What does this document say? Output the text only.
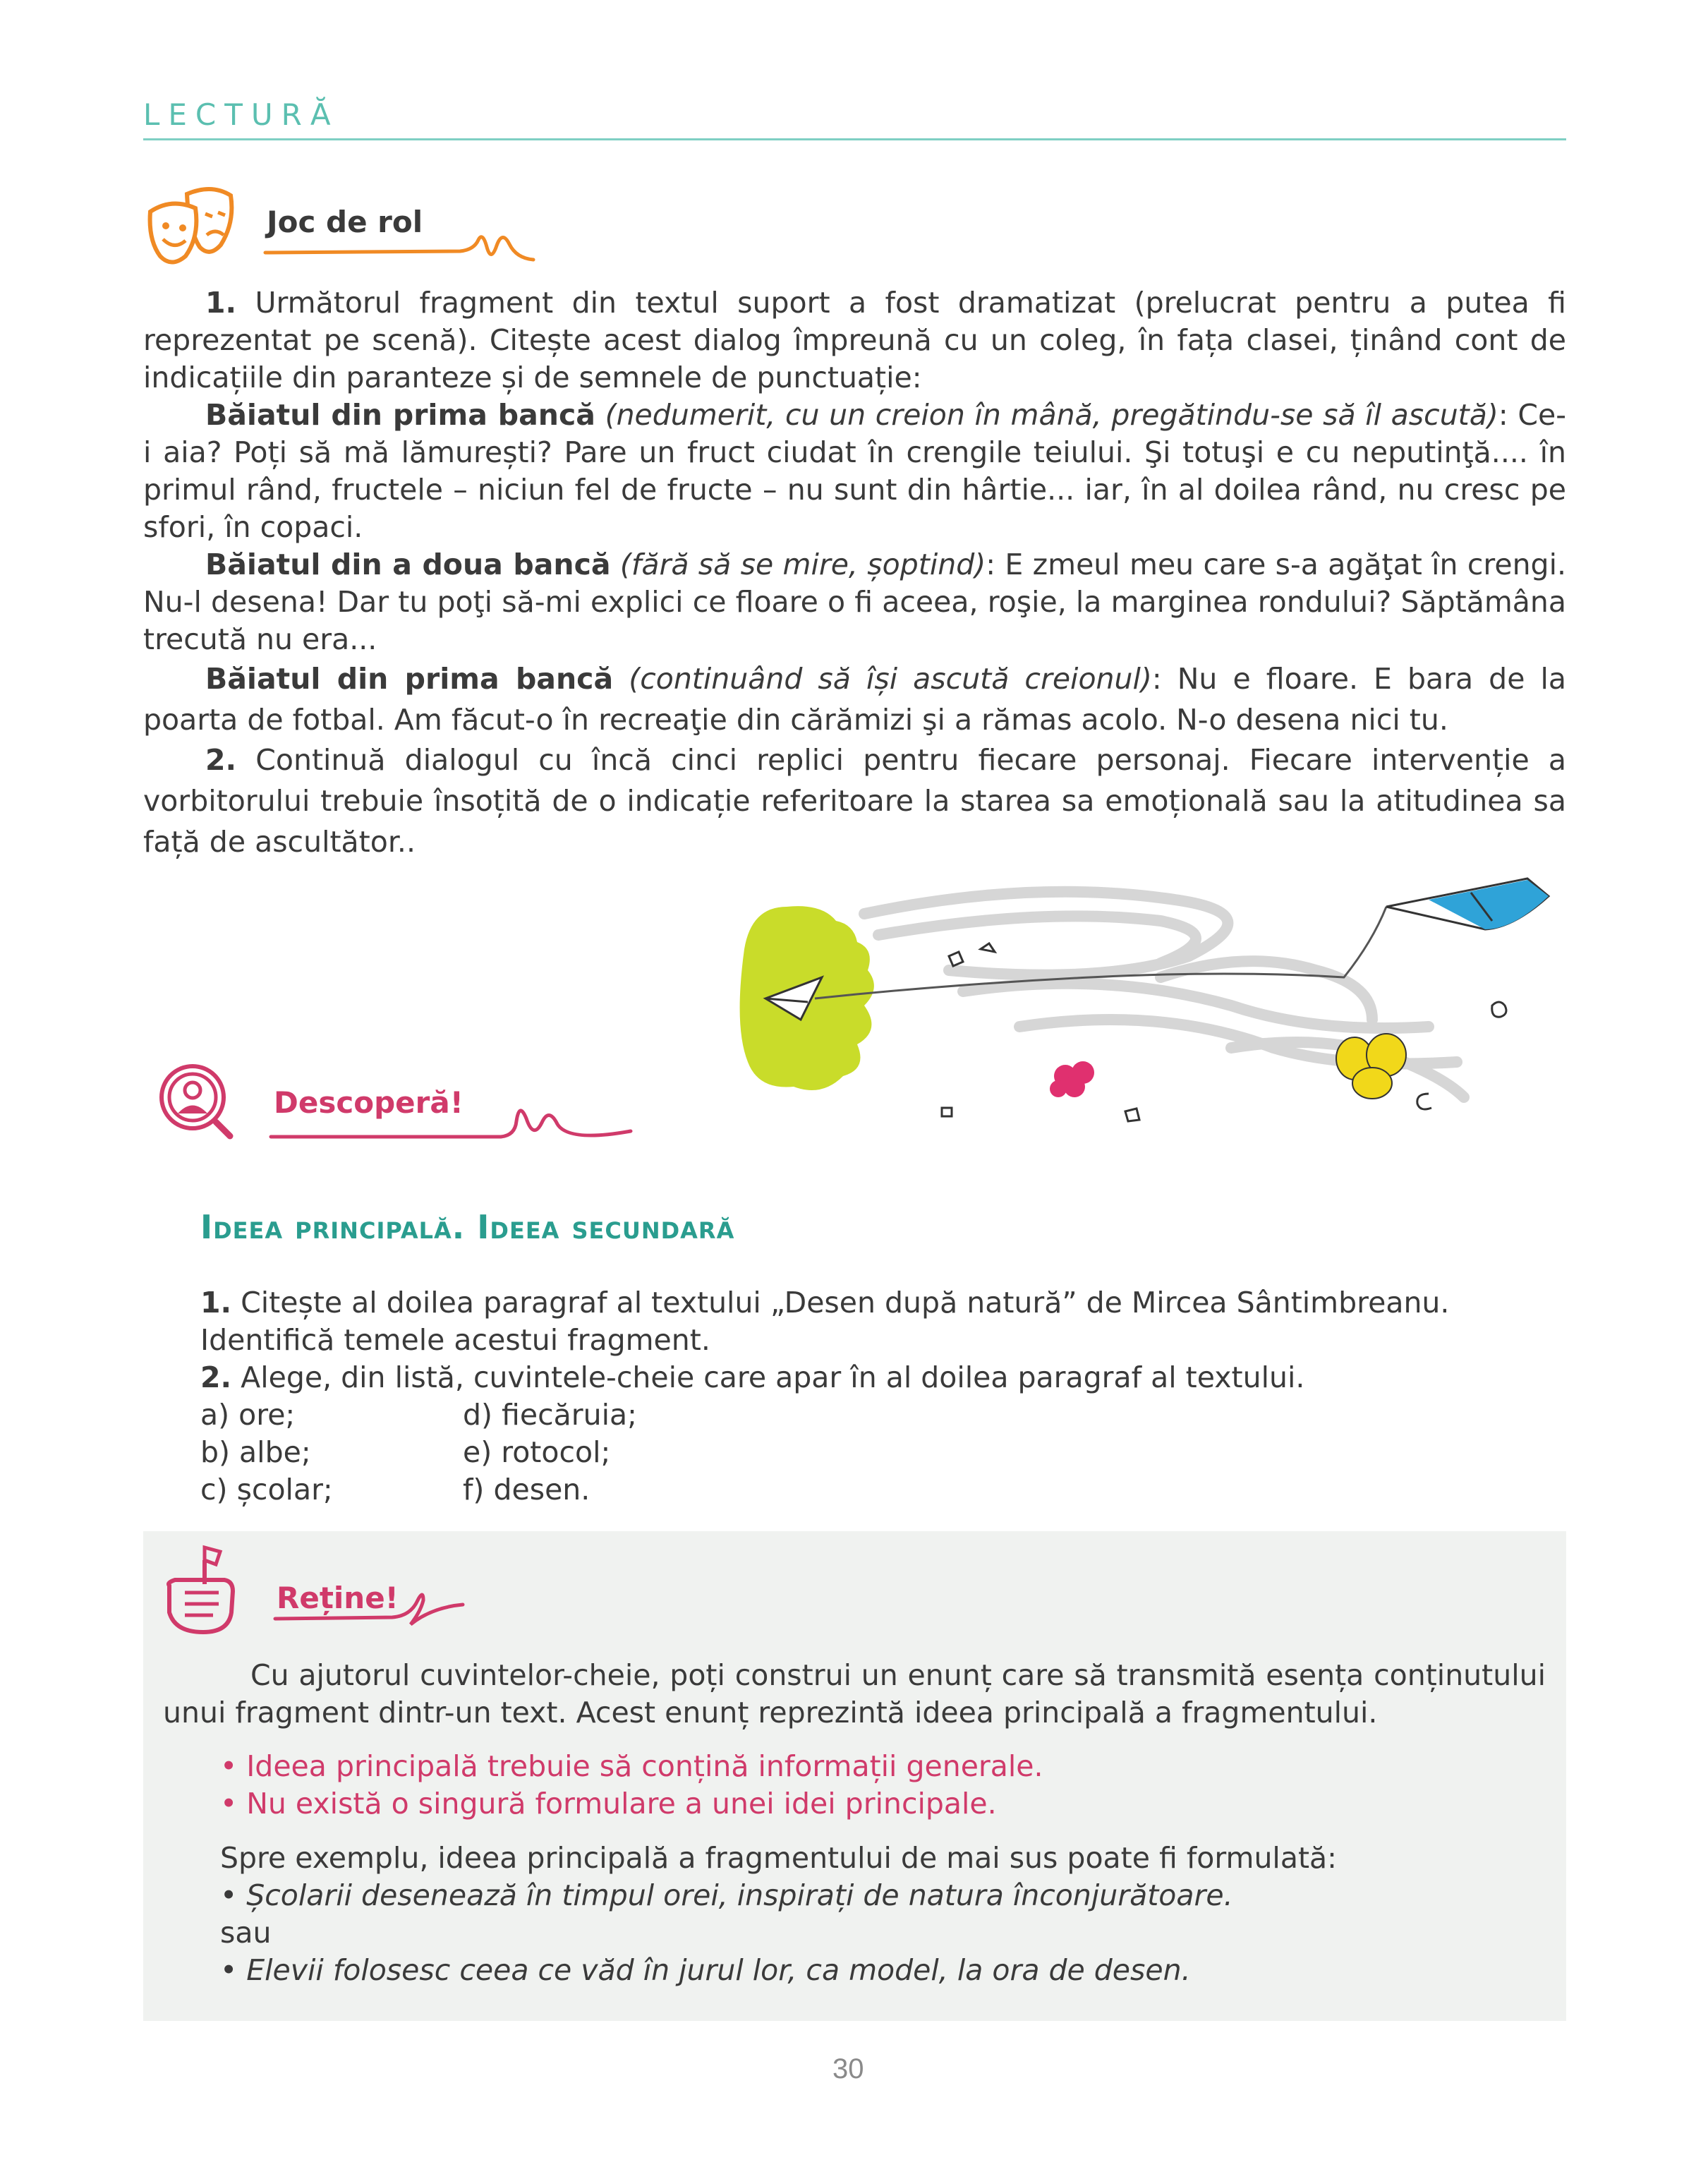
LECTURĂ
Joc de rol

1. Următorul fragment din textul suport a fost dramatizat (prelucrat pentru a putea fi reprezentat pe scenă). Citește acest dialog împreună cu un coleg, în fața clasei, ținând cont de indicațiile din paranteze și de semnele de punctuație:

Băiatul din prima bancă (nedumerit, cu un creion în mână, pregătindu-se să îl ascută): Ce-i aia? Poți să mă lămurești? Pare un fruct ciudat în crengile teiului. Şi totuşi e cu neputinţă.... în primul rând, fructele – niciun fel de fructe – nu sunt din hârtie... iar, în al doilea rând, nu cresc pe sfori, în copaci.

Băiatul din a doua bancă (fără să se mire, șoptind): E zmeul meu care s-a agăţat în crengi. Nu-l desena! Dar tu poţi să-mi explici ce floare o fi aceea, roşie, la marginea rondului? Săptămâna trecută nu era...

Băiatul din prima bancă (continuând să își ascută creionul): Nu e floare. E bara de la poarta de fotbal. Am făcut-o în recreaţie din cărămizi şi a rămas acolo. N-o desena nici tu.

2. Continuă dialogul cu încă cinci replici pentru fiecare personaj. Fiecare intervenție a vorbitorului trebuie însoțită de o indicație referitoare la starea sa emoțională sau la atitudinea sa față de ascultător..

Descoperă!
Ideea principală. Ideea secundară
1. Citește al doilea paragraf al textului „Desen după natură” de Mircea Sântimbreanu.
Identifică temele acestui fragment.
2. Alege, din listă, cuvintele-cheie care apar în al doilea paragraf al textului.
a) ore;	d) fiecăruia;
b) albe;	e) rotocol;
c) școlar;	f) desen.
Reține!

Cu ajutorul cuvintelor-cheie, poți construi un enunț care să transmită esența conținutului unui fragment dintr-un text. Acest enunț reprezintă ideea principală a fragmentului.

• Ideea principală trebuie să conțină informații generale.
• Nu există o singură formulare a unei idei principale.
Spre exemplu, ideea principală a fragmentului de mai sus poate fi formulată:
• Școlarii desenează în timpul orei, inspirați de natura înconjurătoare.
sau
• Elevii folosesc ceea ce văd în jurul lor, ca model, la ora de desen.
30
